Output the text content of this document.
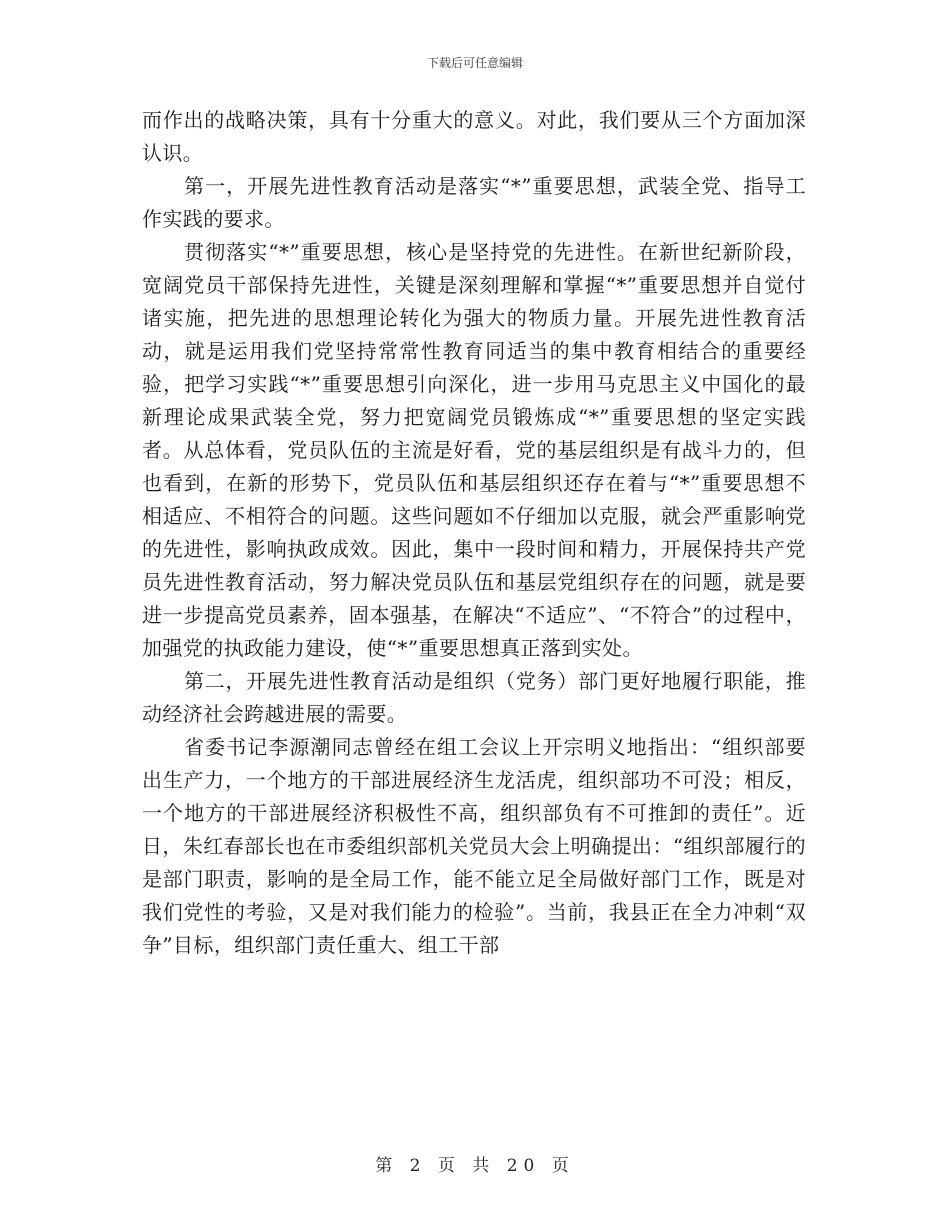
下载后可任意编辑

而作出的战略决策，具有十分重大的意义。对此，我们要从三个方面加深认识。

第一，开展先进性教育活动是落实“*”重要思想，武装全党、指导工作实践的要求。

贯彻落实“*”重要思想，核心是坚持党的先进性。在新世纪新阶段，宽阔党员干部保持先进性，关键是深刻理解和掌握“*”重要思想并自觉付诸实施，把先进的思想理论转化为强大的物质力量。开展先进性教育活动，就是运用我们党坚持常常性教育同适当的集中教育相结合的重要经验，把学习实践“*”重要思想引向深化，进一步用马克思主义中国化的最新理论成果武装全党，努力把宽阔党员锻炼成“*”重要思想的坚定实践者。从总体看，党员队伍的主流是好看，党的基层组织是有战斗力的，但也看到，在新的形势下，党员队伍和基层组织还存在着与“*”重要思想不相适应、不相符合的问题。这些问题如不仔细加以克服，就会严重影响党的先进性，影响执政成效。因此，集中一段时间和精力，开展保持共产党员先进性教育活动，努力解决党员队伍和基层党组织存在的问题，就是要进一步提高党员素养，固本强基，在解决“不适应”、“不符合”的过程中，加强党的执政能力建设，使“*”重要思想真正落到实处。

第二，开展先进性教育活动是组织（党务）部门更好地履行职能，推动经济社会跨越进展的需要。

省委书记李源潮同志曾经在组工会议上开宗明义地指出：“组织部要出生产力，一个地方的干部进展经济生龙活虎，组织部功不可没；相反，一个地方的干部进展经济积极性不高，组织部负有不可推卸的责任”。近日，朱红春部长也在市委组织部机关党员大会上明确提出：“组织部履行的是部门职责，影响的是全局工作，能不能立足全局做好部门工作，既是对我们党性的考验，又是对我们能力的检验”。当前，我县正在全力冲刺“双争”目标，组织部门责任重大、组工干部

第 2 页 共 20 页
